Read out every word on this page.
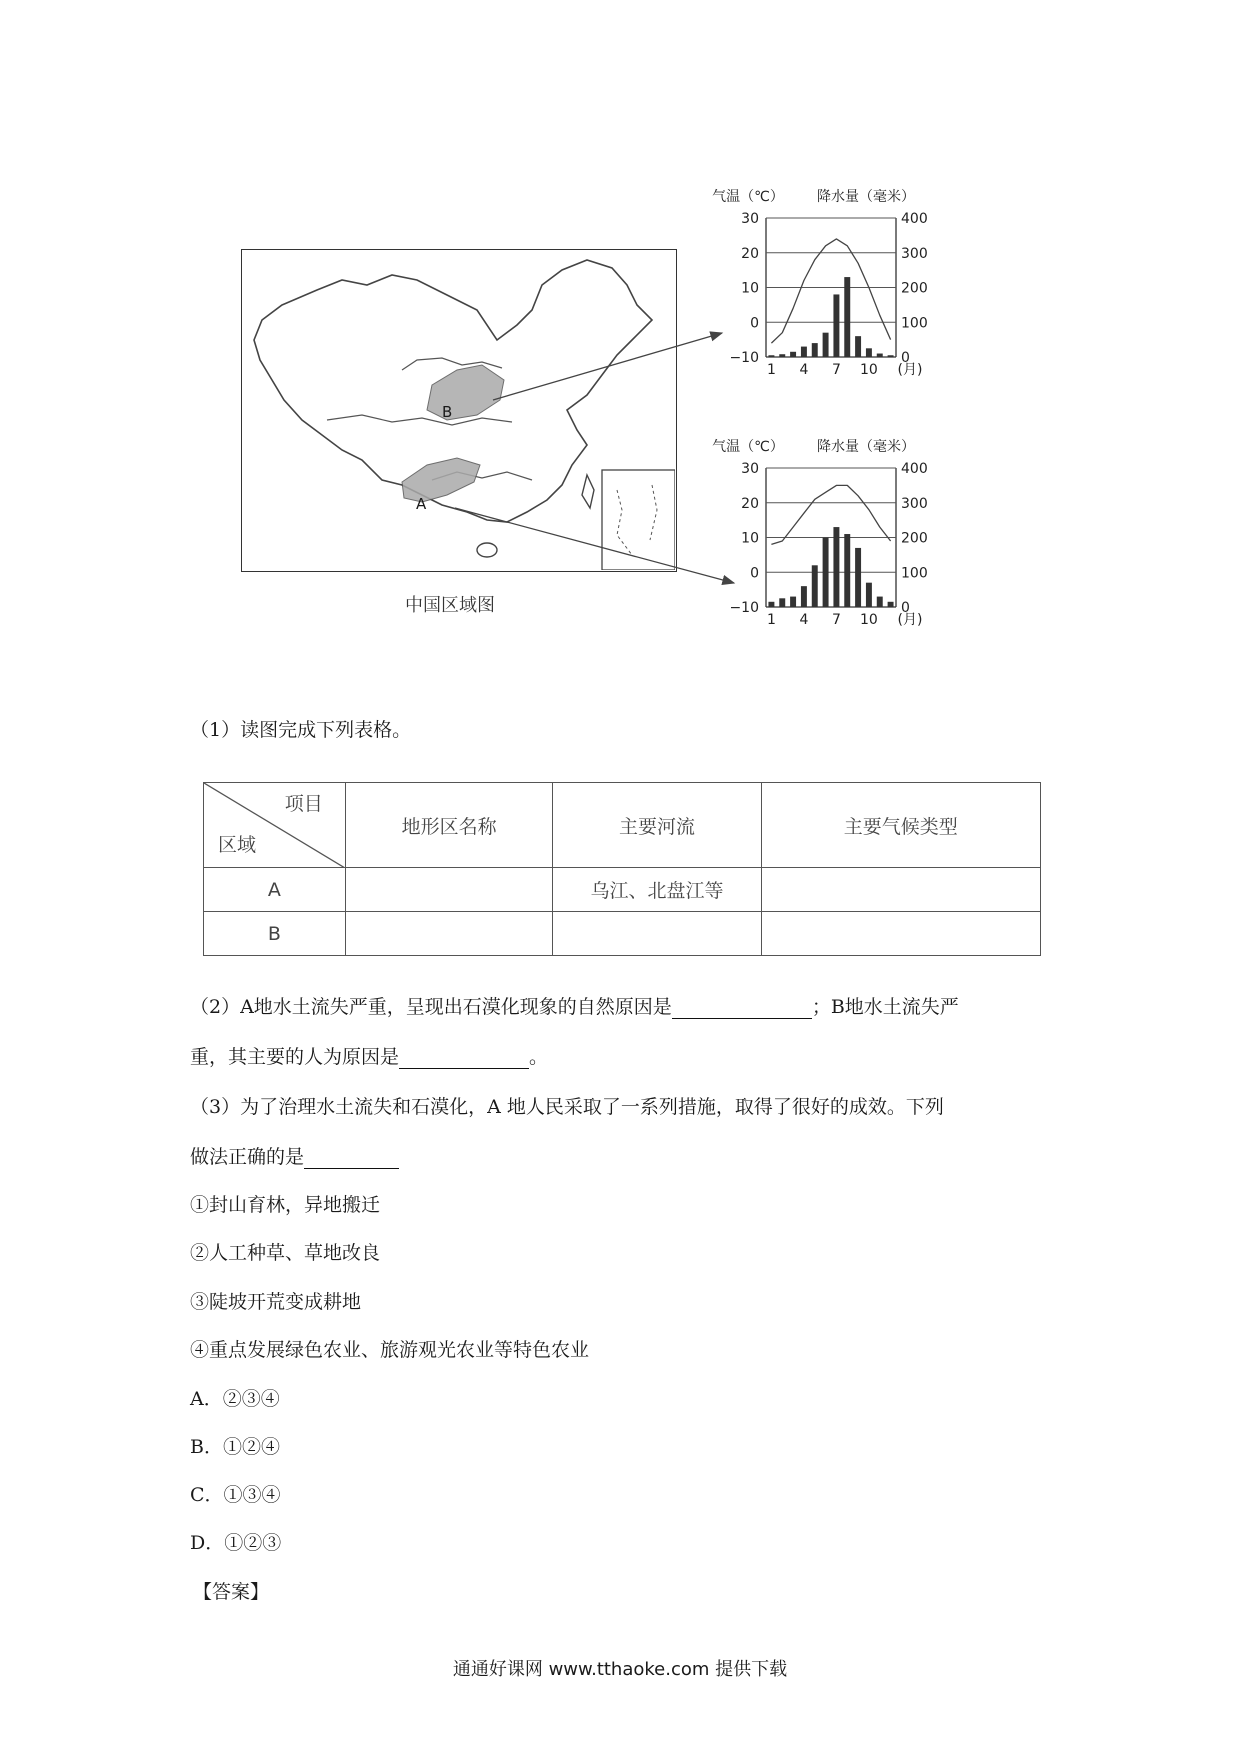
B
A
中国区域图
气温（℃） 降水量（毫米）
30	400
20	300
10	200
0	100
−10	0
1 4 7 10 (月)
气温（℃） 降水量（毫米）
30	400
20	300
10	200
0	100
−10	0
1 4 7 10 (月)
（1）读图完成下列表格。
项目
区域	地形区名称	主要河流	主要气候类型
A		乌江、北盘江等	
B			
（2）A地水土流失严重，呈现出石漠化现象的自然原因是	；B地水土流失严
重，其主要的人为原因是	。
（3）为了治理水土流失和石漠化，A 地人民采取了一系列措施，取得了很好的成效。下列
做法正确的是
①封山育林，异地搬迁
②人工种草、草地改良
③陡坡开荒变成耕地
④重点发展绿色农业、旅游观光农业等特色农业
A．②③④
B．①②④
C．①③④
D．①②③
【答案】
通通好课网 www.tthaoke.com 提供下载
